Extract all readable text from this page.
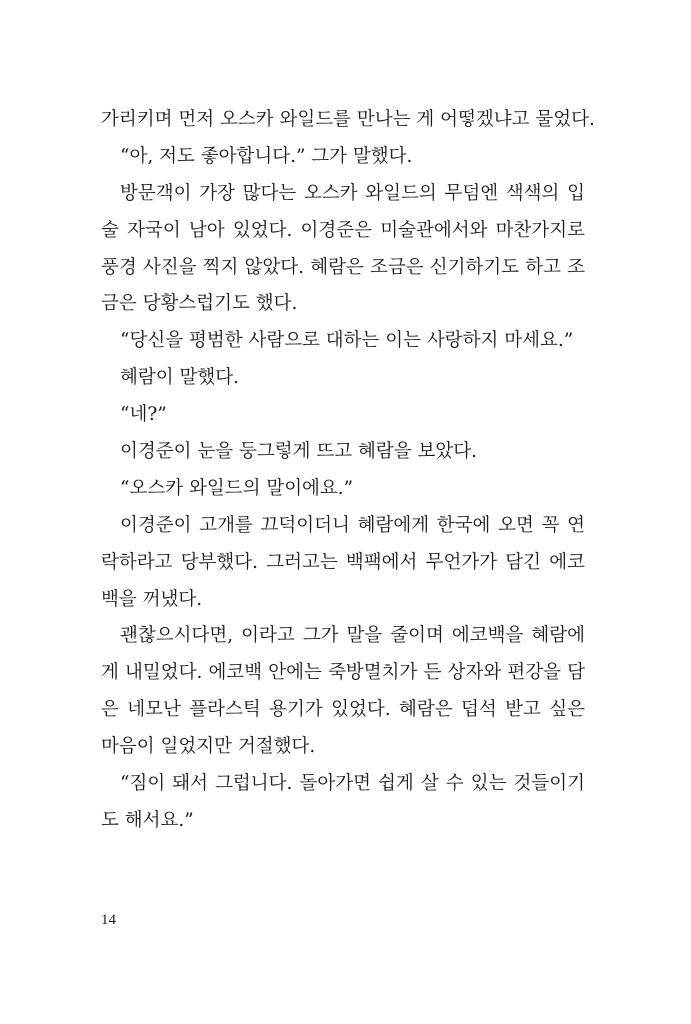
가리키며 먼저 오스카 와일드를 만나는 게 어떻겠냐고 물었다.
“아, 저도 좋아합니다.” 그가 말했다.
방문객이 가장 많다는 오스카 와일드의 무덤엔 색색의 입
술 자국이 남아 있었다. 이경준은 미술관에서와 마찬가지로
풍경 사진을 찍지 않았다. 혜람은 조금은 신기하기도 하고 조
금은 당황스럽기도 했다.
“당신을 평범한 사람으로 대하는 이는 사랑하지 마세요.”
혜람이 말했다.
“네?”
이경준이 눈을 둥그렇게 뜨고 혜람을 보았다.
“오스카 와일드의 말이에요.”
이경준이 고개를 끄덕이더니 혜람에게 한국에 오면 꼭 연
락하라고 당부했다. 그러고는 백팩에서 무언가가 담긴 에코
백을 꺼냈다.
괜찮으시다면, 이라고 그가 말을 줄이며 에코백을 혜람에
게 내밀었다. 에코백 안에는 죽방멸치가 든 상자와 편강을 담
은 네모난 플라스틱 용기가 있었다. 혜람은 덥석 받고 싶은
마음이 일었지만 거절했다.
“짐이 돼서 그럽니다. 돌아가면 쉽게 살 수 있는 것들이기
도 해서요.”
14
